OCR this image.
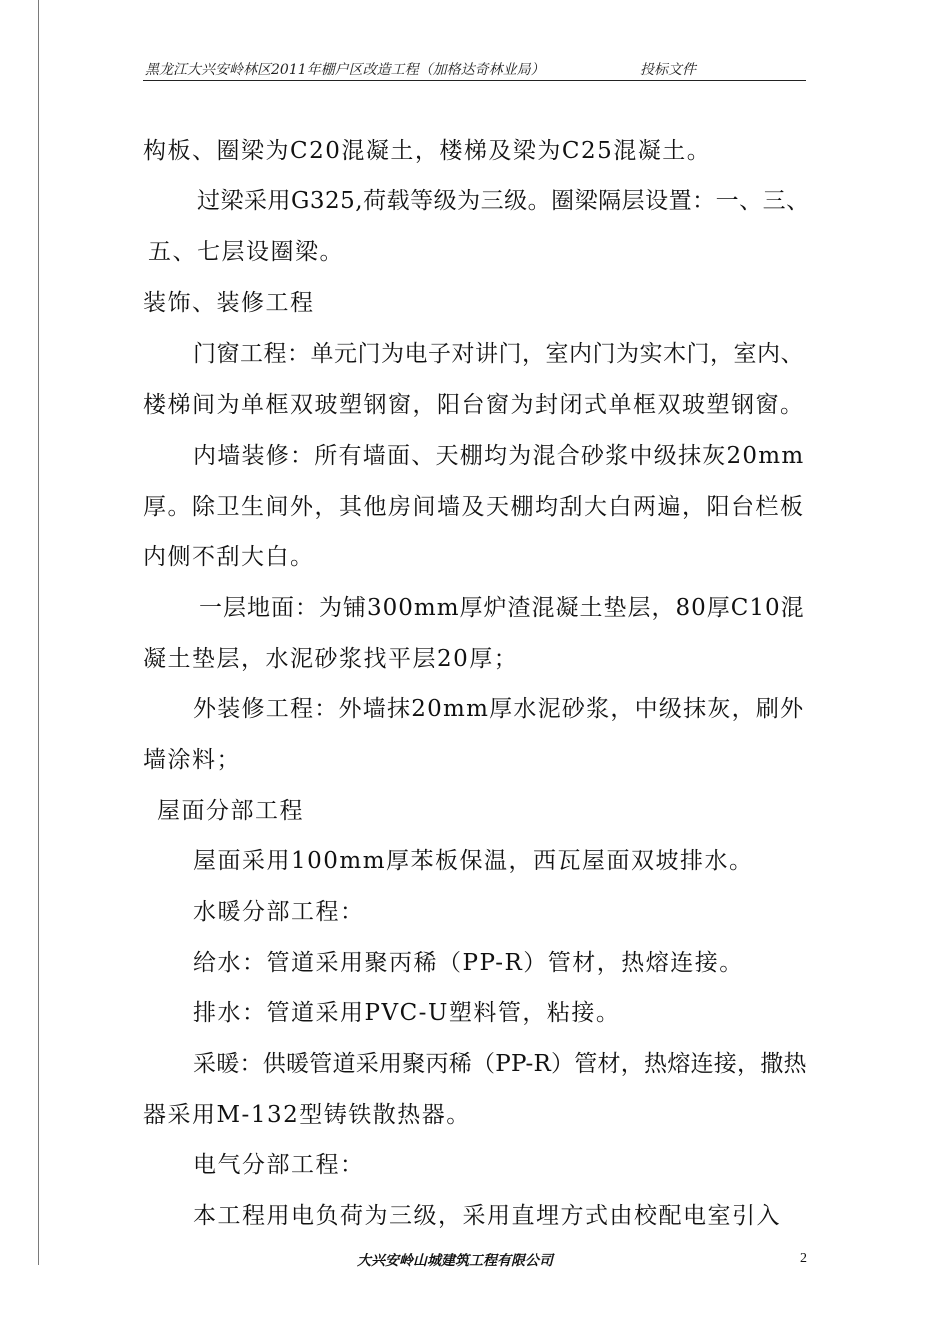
黑龙江大兴安岭林区2011年棚户区改造工程（加格达奇林业局）	投标文件
构板、圈梁为C20混凝土，楼梯及梁为C25混凝土。
过梁采用G325,荷载等级为三级。圈梁隔层设置：一、三、
五、七层设圈梁。
装饰、装修工程
门窗工程：单元门为电子对讲门，室内门为实木门，室内、
楼梯间为单框双玻塑钢窗，阳台窗为封闭式单框双玻塑钢窗。
内墙装修：所有墙面、天棚均为混合砂浆中级抹灰20mm
厚。除卫生间外，其他房间墙及天棚均刮大白两遍，阳台栏板
内侧不刮大白。
一层地面：为铺300mm厚炉渣混凝土垫层，80厚C10混
凝土垫层，水泥砂浆找平层20厚；
外装修工程：外墙抹20mm厚水泥砂浆，中级抹灰，刷外
墙涂料；
屋面分部工程
屋面采用100mm厚苯板保温，西瓦屋面双坡排水。
水暖分部工程：
给水：管道采用聚丙稀（PP-R）管材，热熔连接。
排水：管道采用PVC-U塑料管，粘接。
采暖：供暖管道采用聚丙稀（PP-R）管材，热熔连接，撒热
器采用M-132型铸铁散热器。
电气分部工程：
本工程用电负荷为三级，采用直埋方式由校配电室引入
大兴安岭山城建筑工程有限公司	2
